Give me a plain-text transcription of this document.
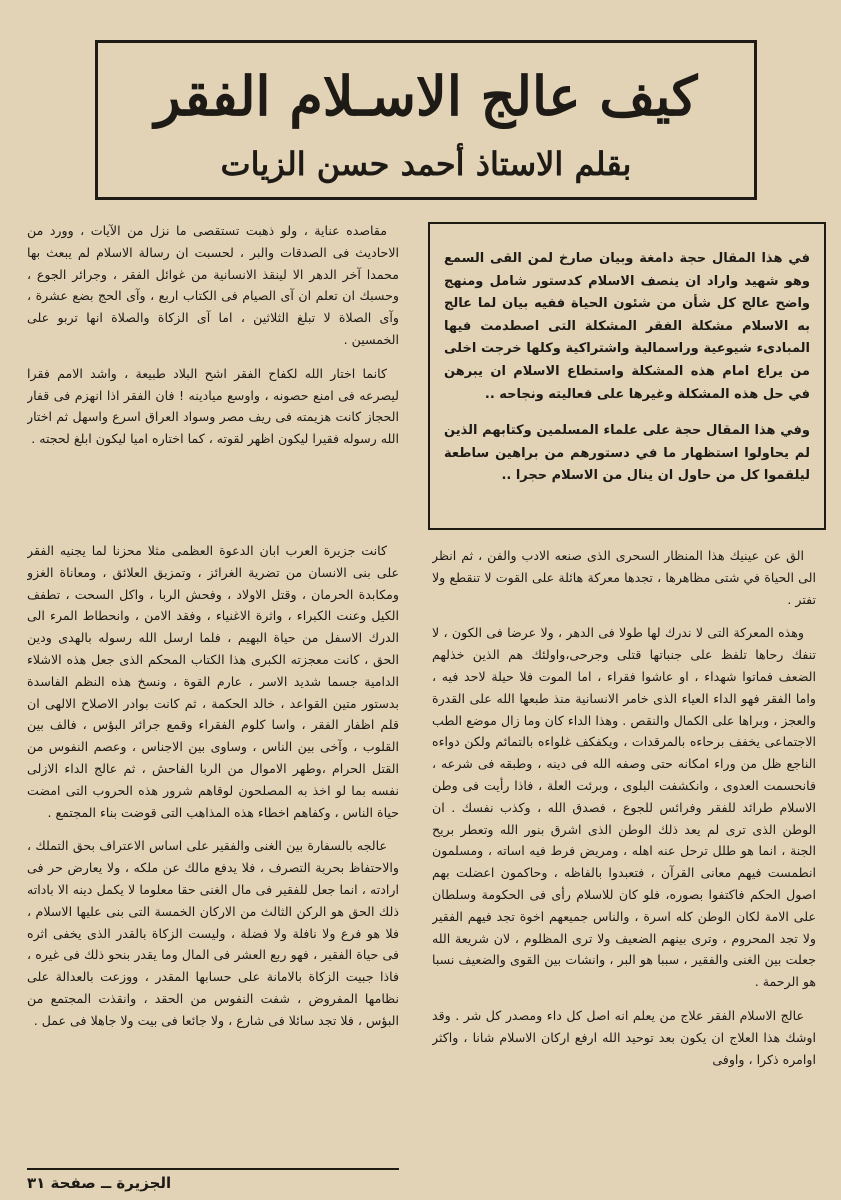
كيف عالج الاسـلام الفقر
بقلم الاستاذ أحمد حسن الزيات

في هذا المقال حجة دامغة وبيان صارخ لمن القى السمع وهو شهيد واراد ان ينصف الاسلام كدستور شامل ومنهج واضح عالج كل شأن من شئون الحياة ففيه بيان لما عالج به الاسلام مشكلة الفقر المشكلة التى اصطدمت فيها المبادىء شيوعية وراسمالية واشتراكية وكلها خرجت اخلى من يراع امام هذه المشكلة واستطاع الاسلام ان يبرهن في حل هذه المشكلة وغيرها على فعاليته ونجاحه ..

وفي هذا المقال حجة على علماء المسلمين وكتابهم الذين لم يحاولوا استظهار ما في دستورهم من براهين ساطعة ليلقموا كل من حاول ان ينال من الاسلام حجرا ..

مقاصده عناية ، ولو ذهبت تستقصى ما نزل من الآيات ، وورد من الاحاديث فى الصدقات والبر ، لحسبت ان رسالة الاسلام لم يبعث بها محمدا آخر الدهر الا لينقذ الانسانية من غوائل الفقر ، وجرائر الجوع ، وحسبك ان تعلم ان آى الصيام فى الكتاب اربع ، وآى الحج بضع عشرة ، وآى الصلاة لا تبلغ الثلاثين ، اما آى الزكاة والصلاة انها تربو على الخمسين .

كانما اختار الله لكفاح الفقر اشح البلاد طبيعة ، واشد الامم فقرا ليصرعه فى امنع حصونه ، واوسع ميادينه ! فان الفقر اذا انهزم فى قفار الحجاز كانت هزيمته فى ريف مصر وسواد العراق اسرع واسهل ثم اختار الله رسوله فقيرا ليكون اظهر لقوته ، كما اختاره اميا ليكون ابلغ لحجته .

كانت جزيرة العرب ابان الدعوة العظمى مثلا محزنا لما يجنيه الفقر على بنى الانسان من تضرية الغرائز ، وتمزيق العلائق ، ومعاناة الغزو ومكابدة الحرمان ، وقتل الاولاد ، وفحش الربا ، واكل السحت ، تطفف الكيل وعنت الكبراء ، واثرة الاغنياء ، وفقد الامن ، وانحطاط المرء الى الدرك الاسفل من حياة البهيم ، فلما ارسل الله رسوله بالهدى ودين الحق ، كانت معجزته الكبرى هذا الكتاب المحكم الذى جعل هذه الاشلاء الدامية جسما شديد الاسر ، عارم القوة ، ونسخ هذه النظم الفاسدة بدستور متين القواعد ، خالد الحكمة ، ثم كانت بوادر الاصلاح الالهى ان قلم اظفار الفقر ، واسا كلوم الفقراء وقمع جرائر البؤس ، فالف بين القلوب ، وآخى بين الناس ، وساوى بين الاجناس ، وعصم النفوس من القتل الحرام ،وطهر الاموال من الربا الفاحش ، ثم عالج الداء الازلى نفسه بما لو اخذ به المصلحون لوقاهم شرور هذه الحروب التى امضت حياة الناس ، وكفاهم اخطاء هذه المذاهب التى قوضت بناء المجتمع .

عالجه بالسفارة بين الغنى والفقير على اساس الاعتراف بحق التملك ، والاحتفاظ بحرية التصرف ، فلا يدفع مالك عن ملكه ، ولا يعارض حر فى ارادته ، انما جعل للفقير فى مال الغنى حقا معلوما لا يكمل دينه الا باداته ذلك الحق هو الركن الثالث من الاركان الخمسة التى بنى عليها الاسلام ، فلا هو فرع ولا نافلة ولا فضلة ، وليست الزكاة بالقدر الذى يخفى اثره فى حياة الفقير ، فهو ربع العشر فى المال وما يقدر بنحو ذلك فى غيره ، فاذا جبيت الزكاة بالامانة على حسابها المقدر ، ووزعت بالعدالة على نظامها المفروض ، شفت النفوس من الحقد ، وانقذت المجتمع من البؤس ، فلا تجد سائلا فى شارع ، ولا جائعا فى بيت ولا جاهلا فى عمل .

الق عن عينيك هذا المنظار السحرى الذى صنعه الادب والفن ، ثم انظر الى الحياة في شتى مظاهرها ، تجدها معركة هائلة على القوت لا تنقطع ولا تفتر .

وهذه المعركة التى لا ندرك لها طولا فى الدهر ، ولا عرضا فى الكون ، لا تنفك رحاها تلفظ على جنباتها قتلى وجرحى،واولئك هم الذين خذلهم الضعف فماتوا شهداء ، او عاشوا فقراء ، اما الموت فلا حيلة لاحد فيه ، واما الفقر فهو الداء العياء الذى خامر الانسانية منذ طبعها الله على القدرة والعجز ، وبراها على الكمال والنقص . وهذا الداء كان وما زال موضع الطب الاجتماعى يخفف برحاءه بالمرقدات ، ويكفكف غلواءه بالتمائم ولكن دواءه الناجع ظل من وراء امكانه حتى وصفه الله فى دينه ، وطبقه فى شرعه ، فانحسمت العدوى ، وانكشفت البلوى ، وبرئت العلة ، فاذا رأيت فى وطن الاسلام طرائد للفقر وفرائس للجوع ، فصدق الله ، وكذب نفسك . ان الوطن الذى ترى لم يعد ذلك الوطن الذى اشرق بنور الله وتعطر بريح الجنة ، انما هو طلل ترحل عنه اهله ، ومريض فرط فيه اساته ، ومسلمون انطمست فيهم معانى القرآن ، فتعبدوا بالفاظه ، وحاكمون اعضلت بهم اصول الحكم فاكتفوا بصوره، فلو كان للاسلام رأى فى الحكومة وسلطان على الامة لكان الوطن كله اسرة ، والناس جميعهم اخوة تجد فيهم الفقير ولا تجد المحروم ، وترى بينهم الضعيف ولا ترى المظلوم ، لان شريعة الله جعلت بين الغنى والفقير ، سببا هو البر ، وانشات بين القوى والضعيف نسبا هو الرحمة .

عالج الاسلام الفقر علاج من يعلم انه اصل كل داء ومصدر كل شر . وقد اوشك هذا العلاج ان يكون بعد توحيد الله ارفع اركان الاسلام شانا ، واكثر اوامره ذكرا ، واوفى

الجزيرة ــ صفحة ٣١
